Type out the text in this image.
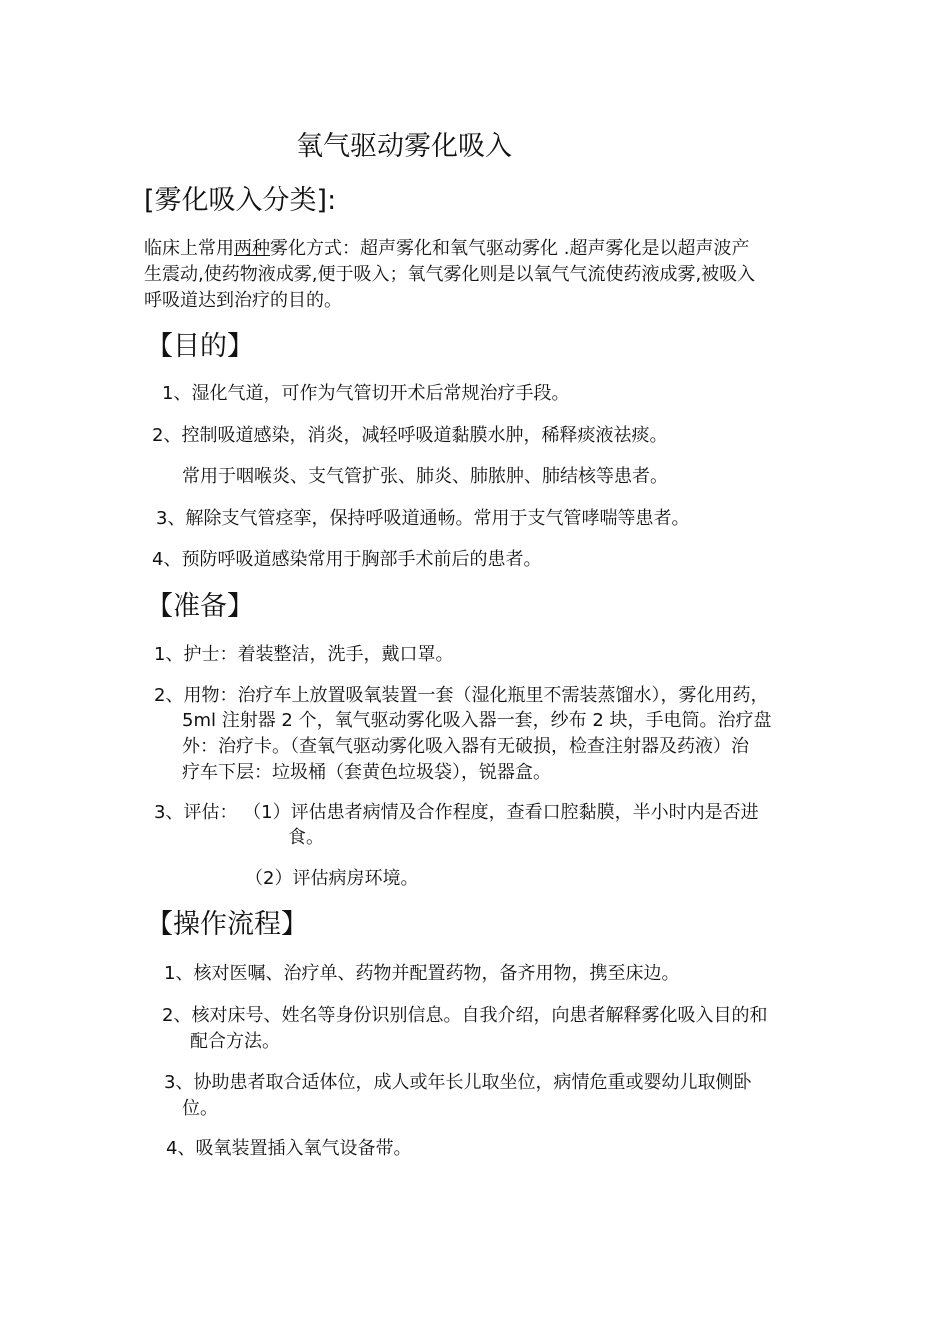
氧气驱动雾化吸入
[雾化吸入分类]:
临床上常用两种雾化方式：超声雾化和氧气驱动雾化 .超声雾化是以超声波产
生震动,使药物液成雾,便于吸入；氧气雾化则是以氧气气流使药液成雾,被吸入
呼吸道达到治疗的目的。
【目的】
1、湿化气道，可作为气管切开术后常规治疗手段。
2、控制吸道感染，消炎，减轻呼吸道黏膜水肿，稀释痰液祛痰。
常用于咽喉炎、支气管扩张、肺炎、肺脓肿、肺结核等患者。
3、解除支气管痉挛，保持呼吸道通畅。常用于支气管哮喘等患者。
4、预防呼吸道感染常用于胸部手术前后的患者。
【准备】
1、护士：着装整洁，洗手，戴口罩。
2、用物：治疗车上放置吸氧装置一套（湿化瓶里不需装蒸馏水），雾化用药，
5ml 注射器 2 个，氧气驱动雾化吸入器一套，纱布 2 块，手电筒。治疗盘
外：治疗卡。（查氧气驱动雾化吸入器有无破损，检查注射器及药液）治
疗车下层：垃圾桶（套黄色垃圾袋），锐器盒。
3、评估： （1）评估患者病情及合作程度，查看口腔黏膜，半小时内是否进
食。
（2）评估病房环境。
【操作流程】
1、核对医嘱、治疗单、药物并配置药物，备齐用物，携至床边。
2、核对床号、姓名等身份识别信息。自我介绍，向患者解释雾化吸入目的和
配合方法。
3、协助患者取合适体位，成人或年长儿取坐位，病情危重或婴幼儿取侧卧
位。
4、吸氧装置插入氧气设备带。
